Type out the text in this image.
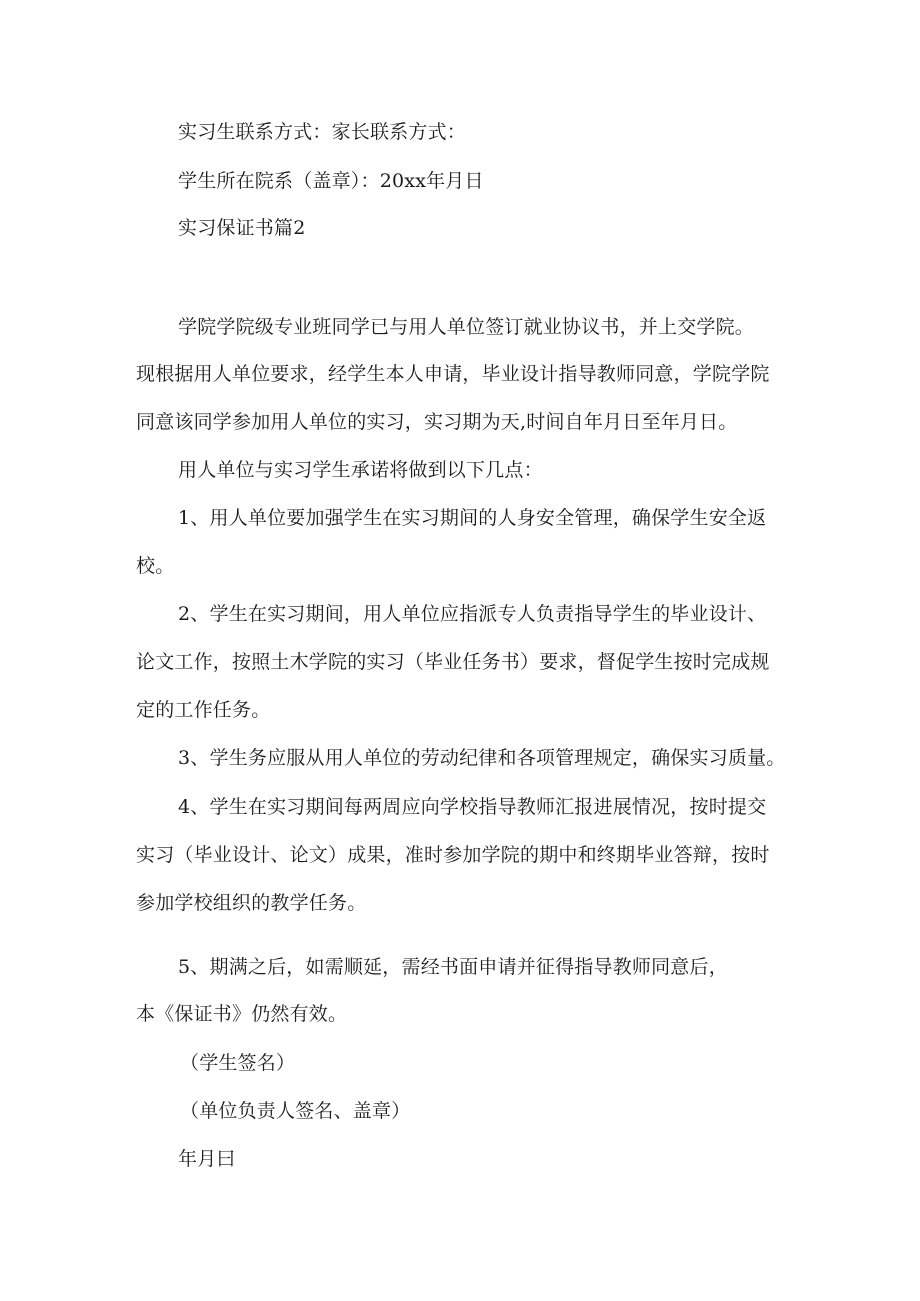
实习生联系方式：家长联系方式：
学生所在院系（盖章）：20xx年月日
实习保证书篇2
学院学院级专业班同学已与用人单位签订就业协议书，并上交学院。
现根据用人单位要求，经学生本人申请，毕业设计指导教师同意，学院学院
同意该同学参加用人单位的实习，实习期为天,时间自年月日至年月日。
用人单位与实习学生承诺将做到以下几点：
1、用人单位要加强学生在实习期间的人身安全管理，确保学生安全返
校。
2、学生在实习期间，用人单位应指派专人负责指导学生的毕业设计、
论文工作，按照土木学院的实习（毕业任务书）要求，督促学生按时完成规
定的工作任务。
3、学生务应服从用人单位的劳动纪律和各项管理规定，确保实习质量。
4、学生在实习期间每两周应向学校指导教师汇报进展情况，按时提交
实习（毕业设计、论文）成果，准时参加学院的期中和终期毕业答辩，按时
参加学校组织的教学任务。
5、期满之后，如需顺延，需经书面申请并征得指导教师同意后，
本《保证书》仍然有效。
（学生签名）
（单位负责人签名、盖章）
年月曰
